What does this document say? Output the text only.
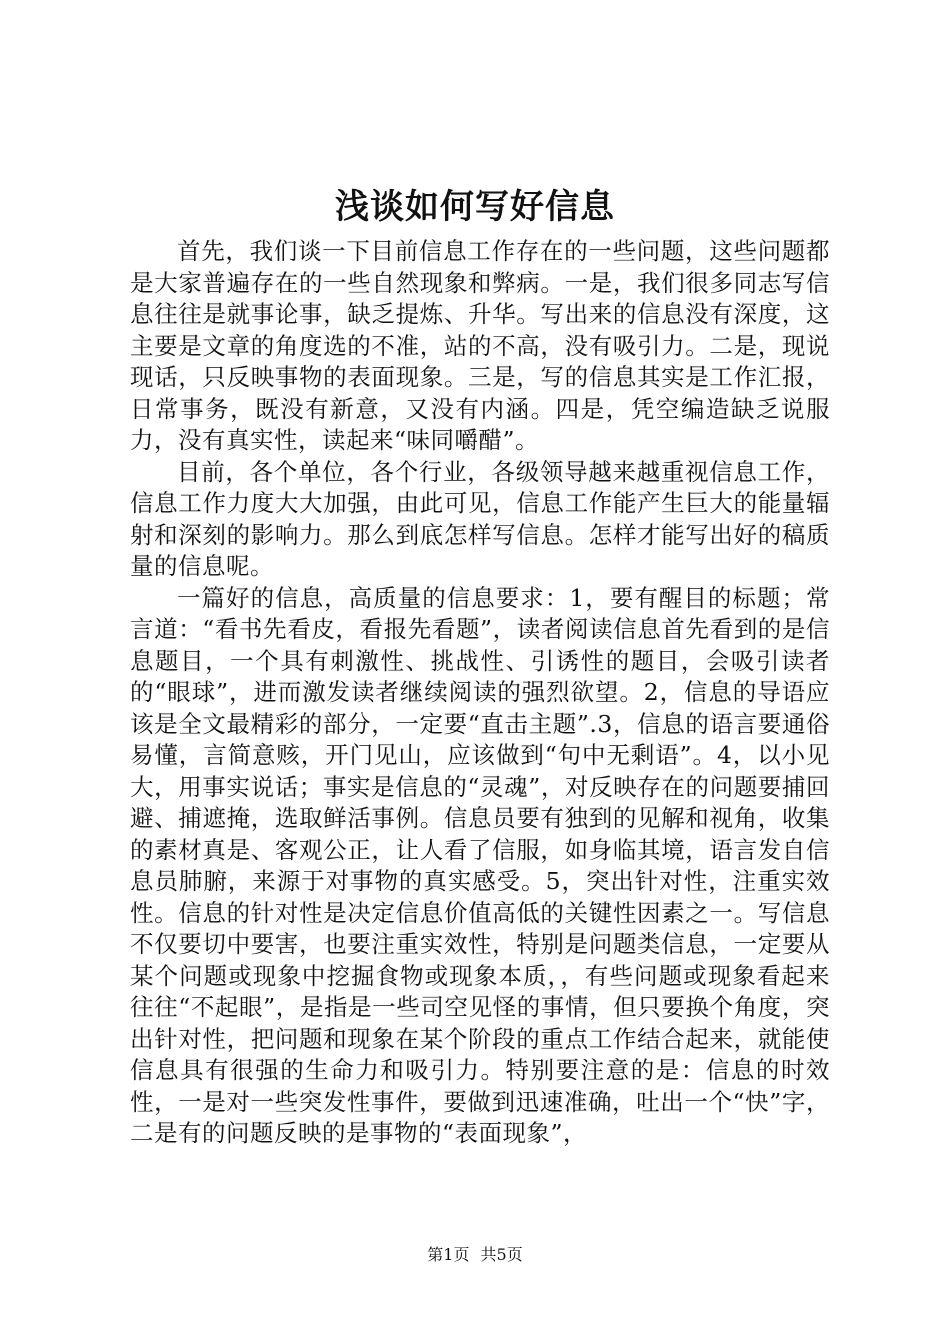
浅谈如何写好信息

首先，我们谈一下目前信息工作存在的一些问题，这些问题都是大家普遍存在的一些自然现象和弊病。一是，我们很多同志写信息往往是就事论事，缺乏提炼、升华。写出来的信息没有深度，这主要是文章的角度选的不准，站的不高，没有吸引力。二是，现说现话，只反映事物的表面现象。三是，写的信息其实是工作汇报，日常事务，既没有新意，又没有内涵。四是，凭空编造缺乏说服力，没有真实性，读起来“味同嚼醋”。

目前，各个单位，各个行业，各级领导越来越重视信息工作，信息工作力度大大加强，由此可见，信息工作能产生巨大的能量辐射和深刻的影响力。那么到底怎样写信息。怎样才能写出好的稿质量的信息呢。

一篇好的信息，高质量的信息要求：1，要有醒目的标题；常言道：“看书先看皮，看报先看题”，读者阅读信息首先看到的是信息题目，一个具有刺激性、挑战性、引诱性的题目，会吸引读者的“眼球”，进而激发读者继续阅读的强烈欲望。2，信息的导语应该是全文最精彩的部分，一定要“直击主题”.3，信息的语言要通俗易懂，言简意赅，开门见山，应该做到“句中无剩语”。4，以小见大，用事实说话；事实是信息的“灵魂”，对反映存在的问题要捕回避、捕遮掩，选取鲜活事例。信息员要有独到的见解和视角，收集的素材真是、客观公正，让人看了信服，如身临其境，语言发自信息员肺腑，来源于对事物的真实感受。5，突出针对性，注重实效性。信息的针对性是决定信息价值高低的关键性因素之一。写信息不仅要切中要害，也要注重实效性，特别是问题类信息，一定要从某个问题或现象中挖掘食物或现象本质，，有些问题或现象看起来往往“不起眼”，是指是一些司空见怪的事情，但只要换个角度，突出针对性，把问题和现象在某个阶段的重点工作结合起来，就能使信息具有很强的生命力和吸引力。特别要注意的是：信息的时效性，一是对一些突发性事件，要做到迅速准确，吐出一个“快”字，二是有的问题反映的是事物的“表面现象”，

第1页 共5页
